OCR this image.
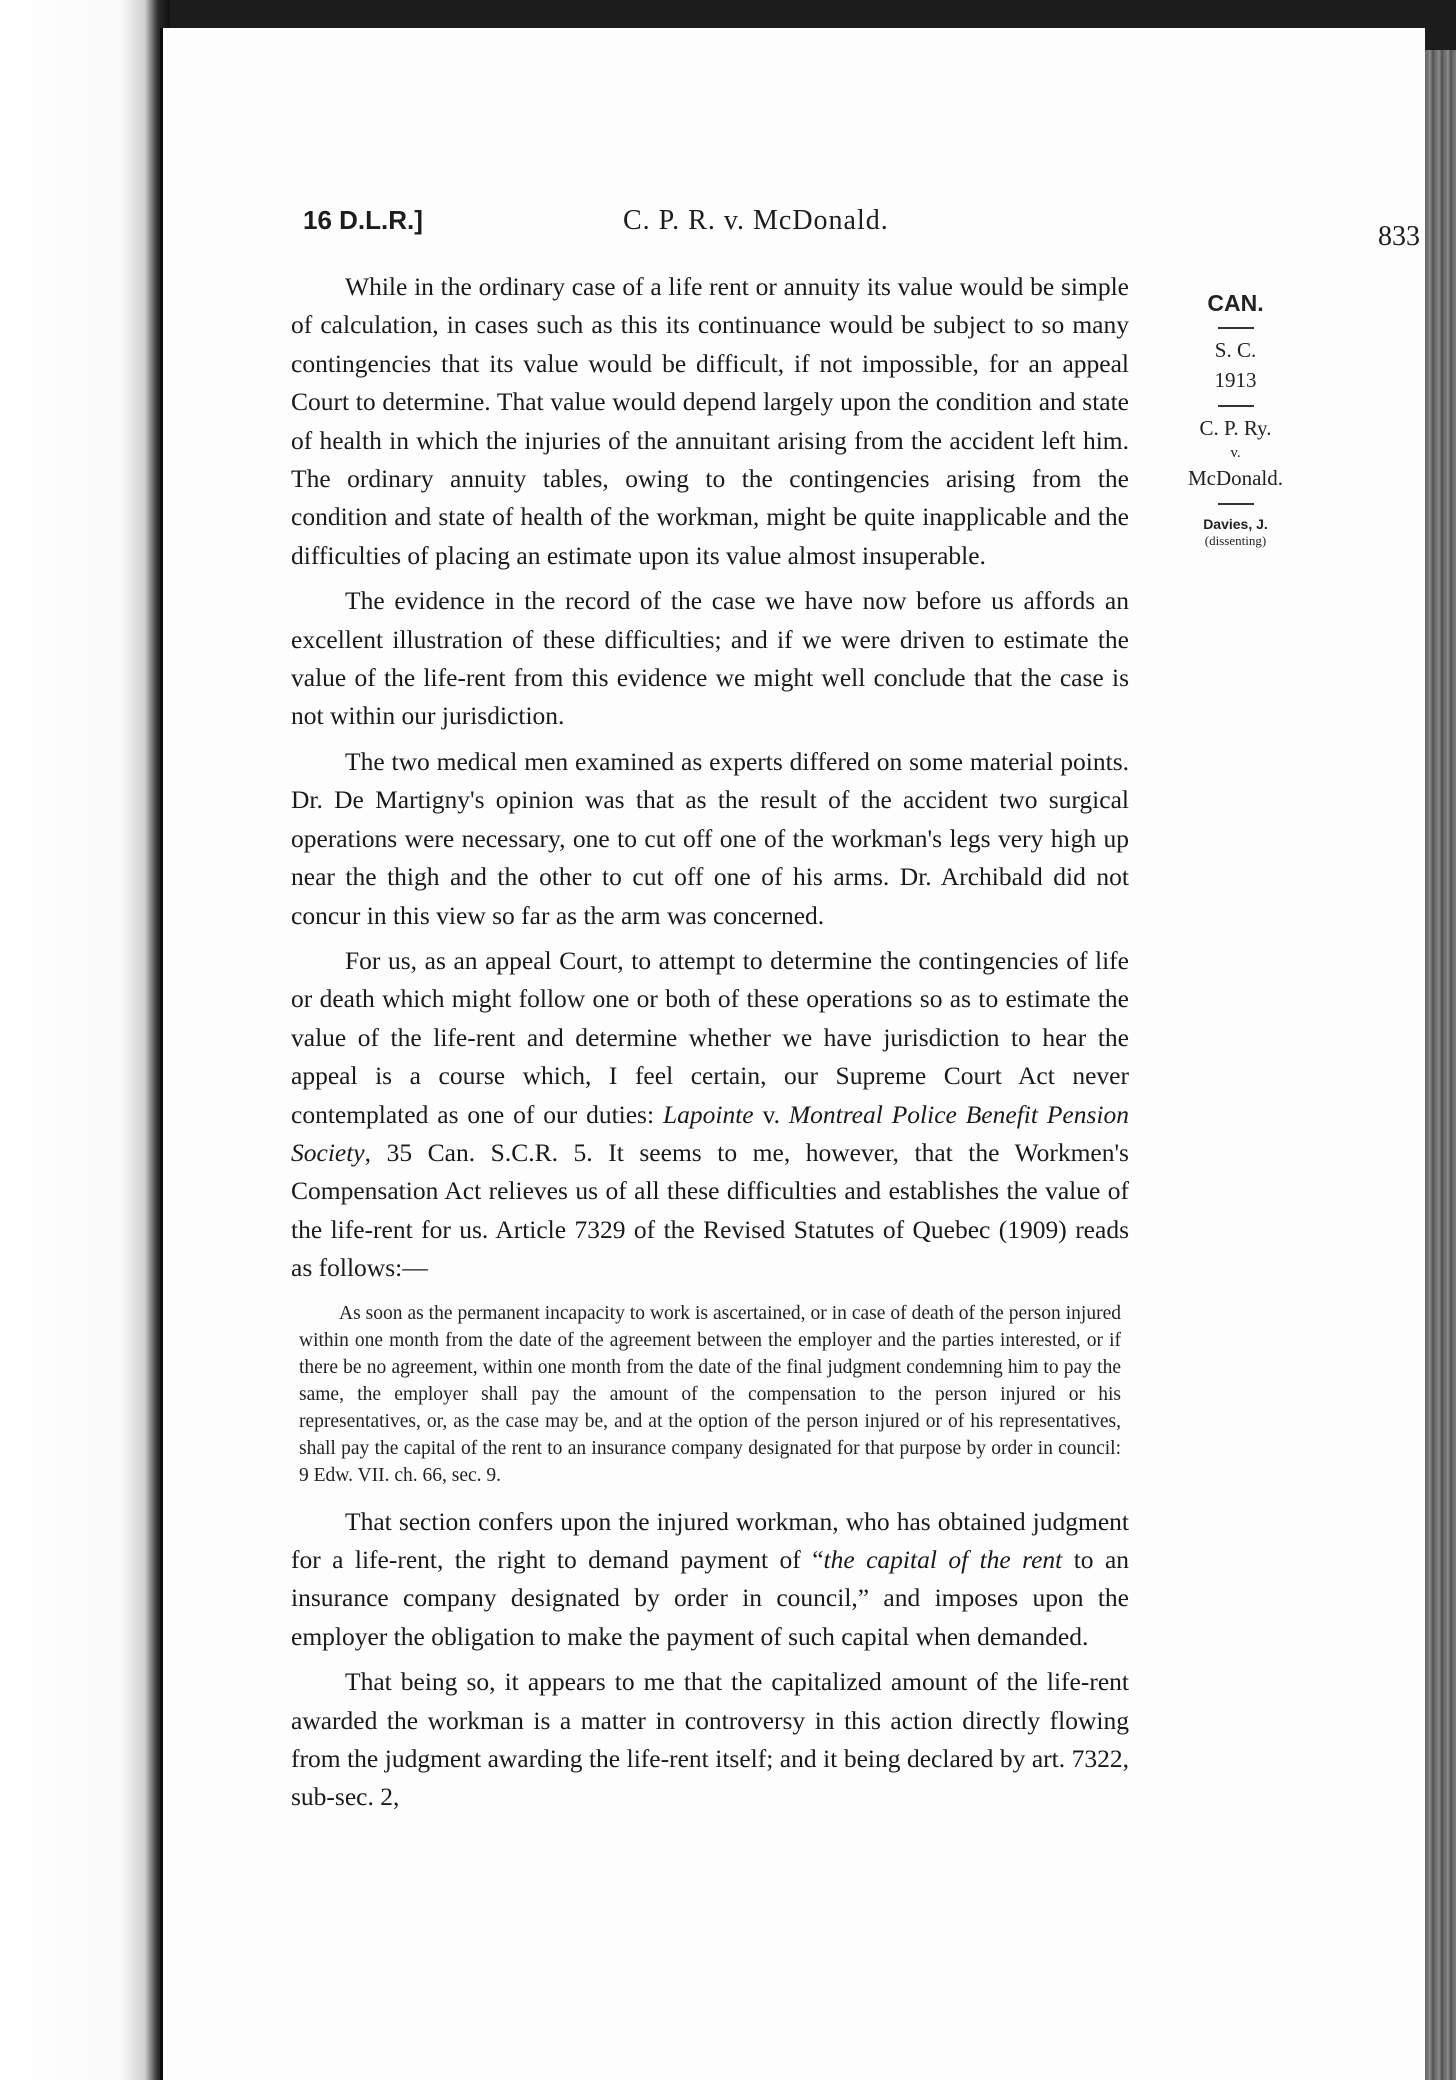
16 D.L.R.]	C. P. R. v. McDonald.
833
CAN.
S. C.
1913
C. P. Ry.
v.
McDonald.
Davies, J.
(dissenting)

While in the ordinary case of a life rent or annuity its value would be simple of calculation, in cases such as this its continuance would be subject to so many contingencies that its value would be difficult, if not impossible, for an appeal Court to determine. That value would depend largely upon the condition and state of health in which the injuries of the annuitant arising from the accident left him. The ordinary annuity tables, owing to the contingencies arising from the condition and state of health of the workman, might be quite inapplicable and the difficulties of placing an estimate upon its value almost insuperable.

The evidence in the record of the case we have now before us affords an excellent illustration of these difficulties; and if we were driven to estimate the value of the life-rent from this evidence we might well conclude that the case is not within our jurisdiction.

The two medical men examined as experts differed on some material points. Dr. De Martigny's opinion was that as the result of the accident two surgical operations were necessary, one to cut off one of the workman's legs very high up near the thigh and the other to cut off one of his arms. Dr. Archibald did not concur in this view so far as the arm was concerned.

For us, as an appeal Court, to attempt to determine the contingencies of life or death which might follow one or both of these operations so as to estimate the value of the life-rent and determine whether we have jurisdiction to hear the appeal is a course which, I feel certain, our Supreme Court Act never contemplated as one of our duties: Lapointe v. Montreal Police Benefit Pension Society, 35 Can. S.C.R. 5. It seems to me, however, that the Workmen's Compensation Act relieves us of all these difficulties and establishes the value of the life-rent for us. Article 7329 of the Revised Statutes of Quebec (1909) reads as follows:—

As soon as the permanent incapacity to work is ascertained, or in case of death of the person injured within one month from the date of the agreement between the employer and the parties interested, or if there be no agreement, within one month from the date of the final judgment condemning him to pay the same, the employer shall pay the amount of the compensation to the person injured or his representatives, or, as the case may be, and at the option of the person injured or of his representatives, shall pay the capital of the rent to an insurance company designated for that purpose by order in council: 9 Edw. VII. ch. 66, sec. 9.

That section confers upon the injured workman, who has obtained judgment for a life-rent, the right to demand payment of “the capital of the rent to an insurance company designated by order in council,” and imposes upon the employer the obligation to make the payment of such capital when demanded.

That being so, it appears to me that the capitalized amount of the life-rent awarded the workman is a matter in controversy in this action directly flowing from the judgment awarding the life-rent itself; and it being declared by art. 7322, sub-sec. 2,
